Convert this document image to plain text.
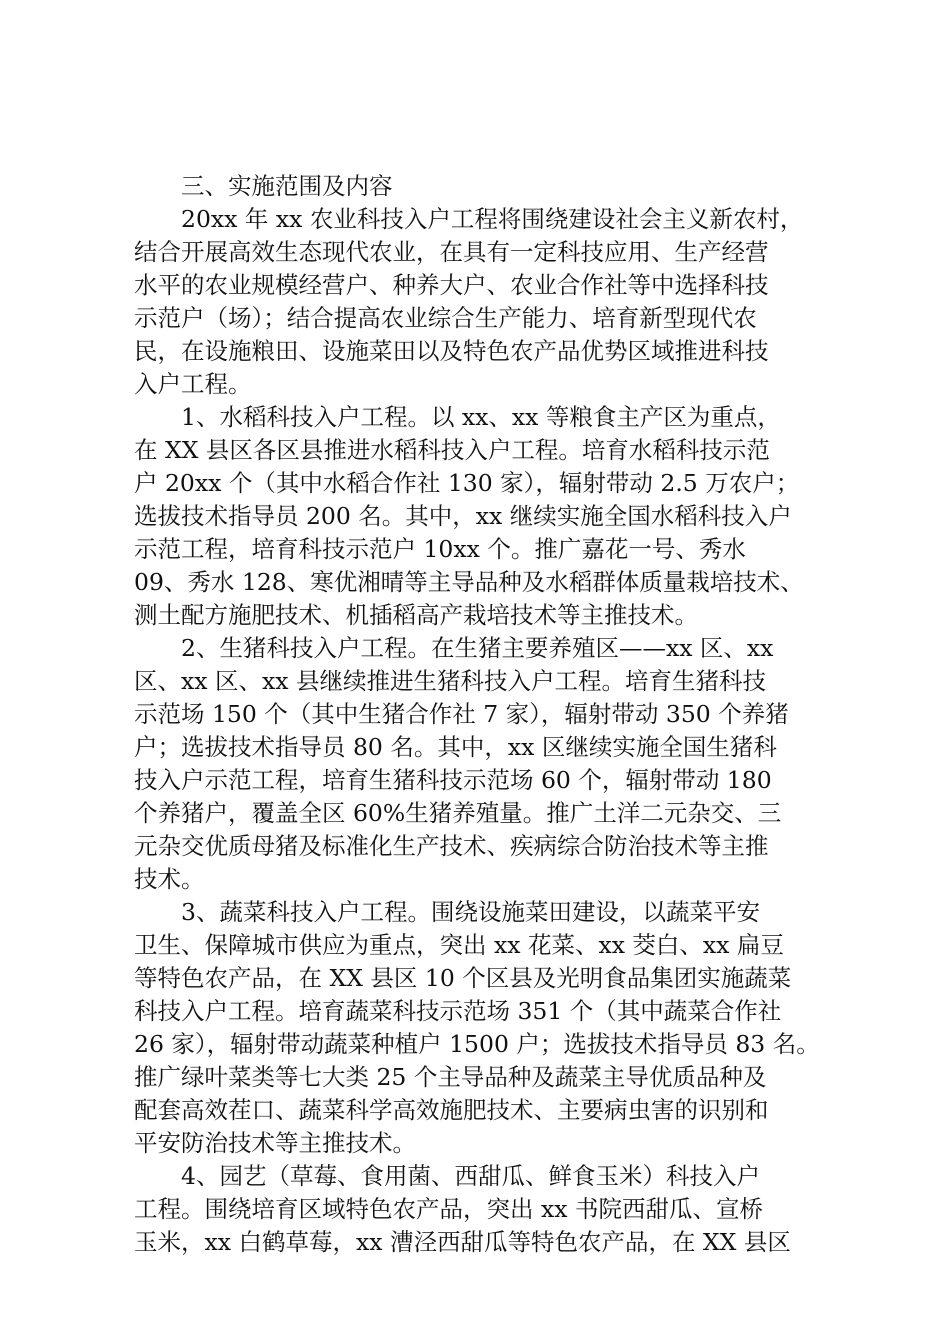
三、实施范围及内容
20xx 年 xx 农业科技入户工程将围绕建设社会主义新农村，
结合开展高效生态现代农业，在具有一定科技应用、生产经营
水平的农业规模经营户、种养大户、农业合作社等中选择科技
示范户（场）；结合提高农业综合生产能力、培育新型现代农
民，在设施粮田、设施菜田以及特色农产品优势区域推进科技
入户工程。
1、水稻科技入户工程。以 xx、xx 等粮食主产区为重点，
在 XX 县区各区县推进水稻科技入户工程。培育水稻科技示范
户 20xx 个（其中水稻合作社 130 家），辐射带动 2.5 万农户；
选拔技术指导员 200 名。其中，xx 继续实施全国水稻科技入户
示范工程，培育科技示范户 10xx 个。推广嘉花一号、秀水
09、秀水 128、寒优湘晴等主导品种及水稻群体质量栽培技术、
测土配方施肥技术、机插稻高产栽培技术等主推技术。
2、生猪科技入户工程。在生猪主要养殖区——xx 区、xx
区、xx 区、xx 县继续推进生猪科技入户工程。培育生猪科技
示范场 150 个（其中生猪合作社 7 家），辐射带动 350 个养猪
户；选拔技术指导员 80 名。其中，xx 区继续实施全国生猪科
技入户示范工程，培育生猪科技示范场 60 个，辐射带动 180
个养猪户，覆盖全区 60%生猪养殖量。推广土洋二元杂交、三
元杂交优质母猪及标准化生产技术、疾病综合防治技术等主推
技术。
3、蔬菜科技入户工程。围绕设施菜田建设，以蔬菜平安
卫生、保障城市供应为重点，突出 xx 花菜、xx 茭白、xx 扁豆
等特色农产品，在 XX 县区 10 个区县及光明食品集团实施蔬菜
科技入户工程。培育蔬菜科技示范场 351 个（其中蔬菜合作社
26 家），辐射带动蔬菜种植户 1500 户；选拔技术指导员 83 名。
推广绿叶菜类等七大类 25 个主导品种及蔬菜主导优质品种及
配套高效茬口、蔬菜科学高效施肥技术、主要病虫害的识别和
平安防治技术等主推技术。
4、园艺（草莓、食用菌、西甜瓜、鲜食玉米）科技入户
工程。围绕培育区域特色农产品，突出 xx 书院西甜瓜、宣桥
玉米，xx 白鹤草莓，xx 漕泾西甜瓜等特色农产品，在 XX 县区
